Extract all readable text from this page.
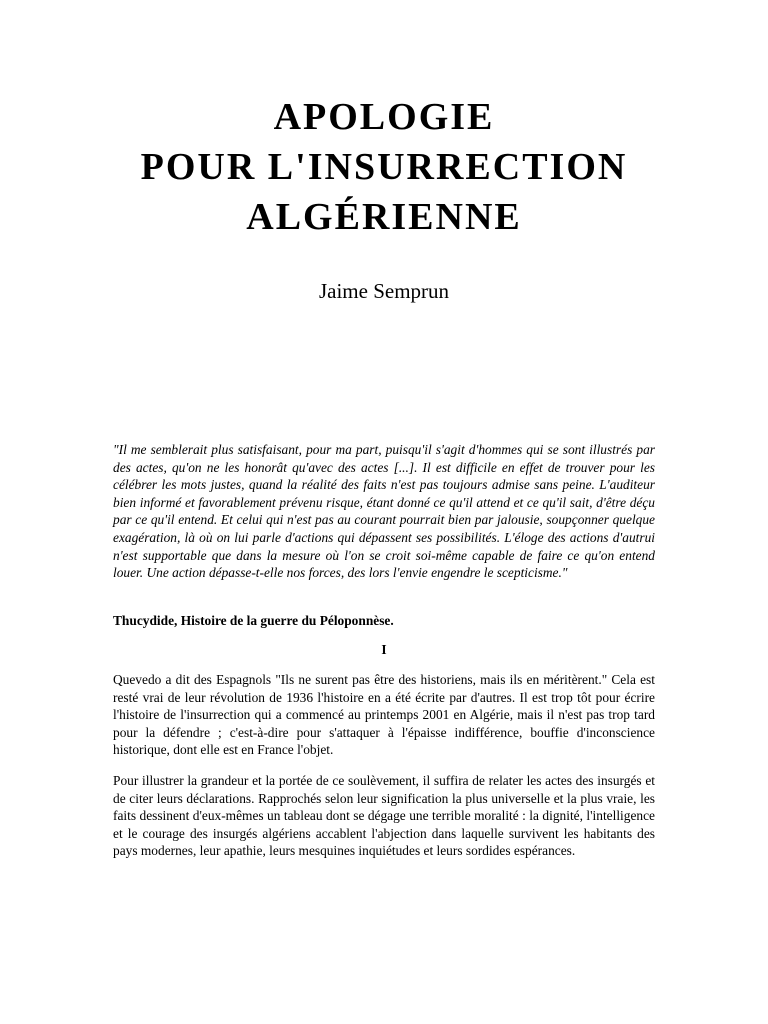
APOLOGIE
POUR L'INSURRECTION
ALGÉRIENNE

Jaime Semprun

"Il me semblerait plus satisfaisant, pour ma part, puisqu'il s'agit d'hommes qui se sont illustrés par des actes, qu'on ne les honorât qu'avec des actes [...]. Il est difficile en effet de trouver pour les célébrer les mots justes, quand la réalité des faits n'est pas toujours admise sans peine. L'auditeur bien informé et favorablement prévenu risque, étant donné ce qu'il attend et ce qu'il sait, d'être déçu par ce qu'il entend. Et celui qui n'est pas au courant pourrait bien par jalousie, soupçonner quelque exagération, là où on lui parle d'actions qui dépassent ses possibilités. L'éloge des actions d'autrui n'est supportable que dans la mesure où l'on se croit soi-même capable de faire ce qu'on entend louer. Une action dépasse-t-elle nos forces, des lors l'envie engendre le scepticisme."

Thucydide, Histoire de la guerre du Péloponnèse.

I

Quevedo a dit des Espagnols "Ils ne surent pas être des historiens, mais ils en méritèrent." Cela est resté vrai de leur révolution de 1936 l'histoire en a été écrite par d'autres. Il est trop tôt pour écrire l'histoire de l'insurrection qui a commencé au printemps 2001 en Algérie, mais il n'est pas trop tard pour la défendre ; c'est-à-dire pour s'attaquer à l'épaisse indifférence, bouffie d'inconscience historique, dont elle est en France l'objet.

Pour illustrer la grandeur et la portée de ce soulèvement, il suffira de relater les actes des insurgés et de citer leurs déclarations. Rapprochés selon leur signification la plus universelle et la plus vraie, les faits dessinent d'eux-mêmes un tableau dont se dégage une terrible moralité : la dignité, l'intelligence et le courage des insurgés algériens accablent l'abjection dans laquelle survivent les habitants des pays modernes, leur apathie, leurs mesquines inquiétudes et leurs sordides espérances.
